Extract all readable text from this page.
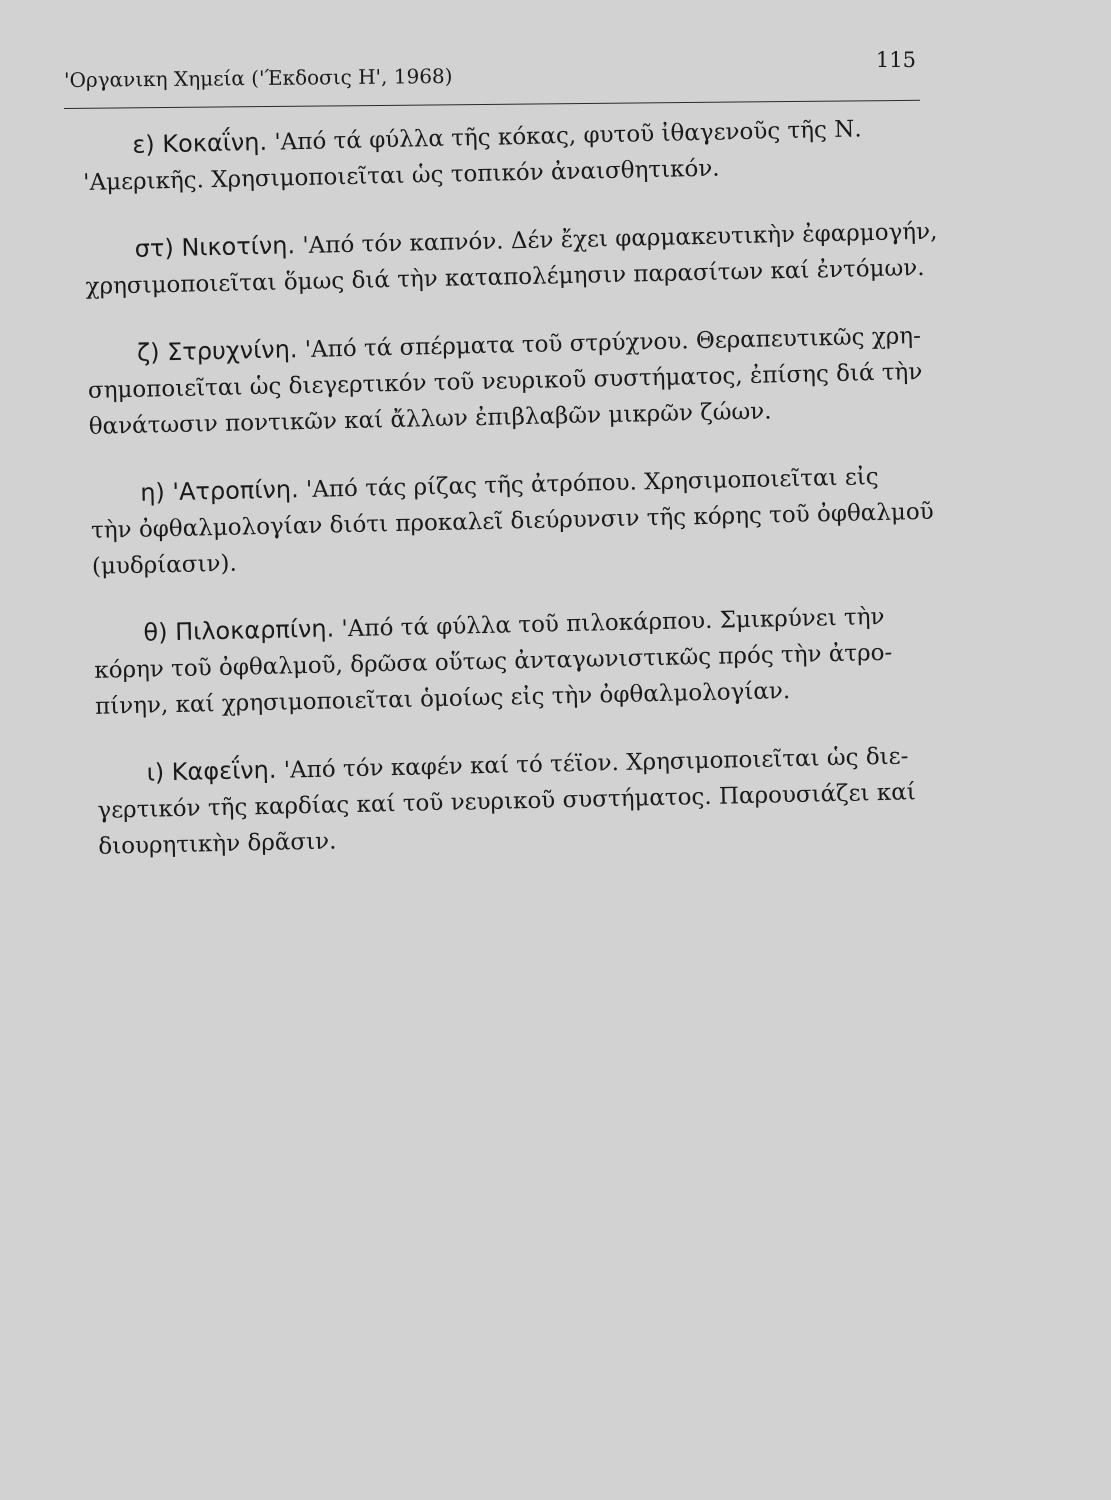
'Οργανικη Χημεία ('Έκδοσις Η', 1968)
115
ε) Κοκαΐνη. 'Από τά φύλλα τῆς κόκας, φυτοῦ ἰθαγενοῦς τῆς Ν.
'Αμερικῆς. Χρησιμοποιεῖται ὡς τοπικόν ἀναισθητικόν.
στ) Νικοτίνη. 'Από τόν καπνόν. Δέν ἔχει φαρμακευτικὴν ἐφαρμογήν,
χρησιμοποιεῖται ὅμως διά τὴν καταπολέμησιν παρασίτων καί ἐντόμων.
ζ) Στρυχνίνη. 'Από τά σπέρματα τοῦ στρύχνου. Θεραπευτικῶς χρη-
σημοποιεῖται ὡς διεγερτικόν τοῦ νευρικοῦ συστήματος, ἐπίσης διά τὴν
θανάτωσιν ποντικῶν καί ἄλλων ἐπιβλαβῶν μικρῶν ζώων.
η) 'Ατροπίνη. 'Από τάς ρίζας τῆς ἀτρόπου. Χρησιμοποιεῖται εἰς
τὴν ὀφθαλμολογίαν διότι προκαλεῖ διεύρυνσιν τῆς κόρης τοῦ ὀφθαλμοῦ
(μυδρίασιν).
θ) Πιλοκαρπίνη. 'Από τά φύλλα τοῦ πιλοκάρπου. Σμικρύνει τὴν
κόρην τοῦ ὀφθαλμοῦ, δρῶσα οὕτως ἀνταγωνιστικῶς πρός τὴν ἀτρο-
πίνην, καί χρησιμοποιεῖται ὁμοίως εἰς τὴν ὀφθαλμολογίαν.
ι) Καφεΐνη. 'Από τόν καφέν καί τό τέϊον. Χρησιμοποιεῖται ὡς διε-
γερτικόν τῆς καρδίας καί τοῦ νευρικοῦ συστήματος. Παρουσιάζει καί
διουρητικὴν δρᾶσιν.
